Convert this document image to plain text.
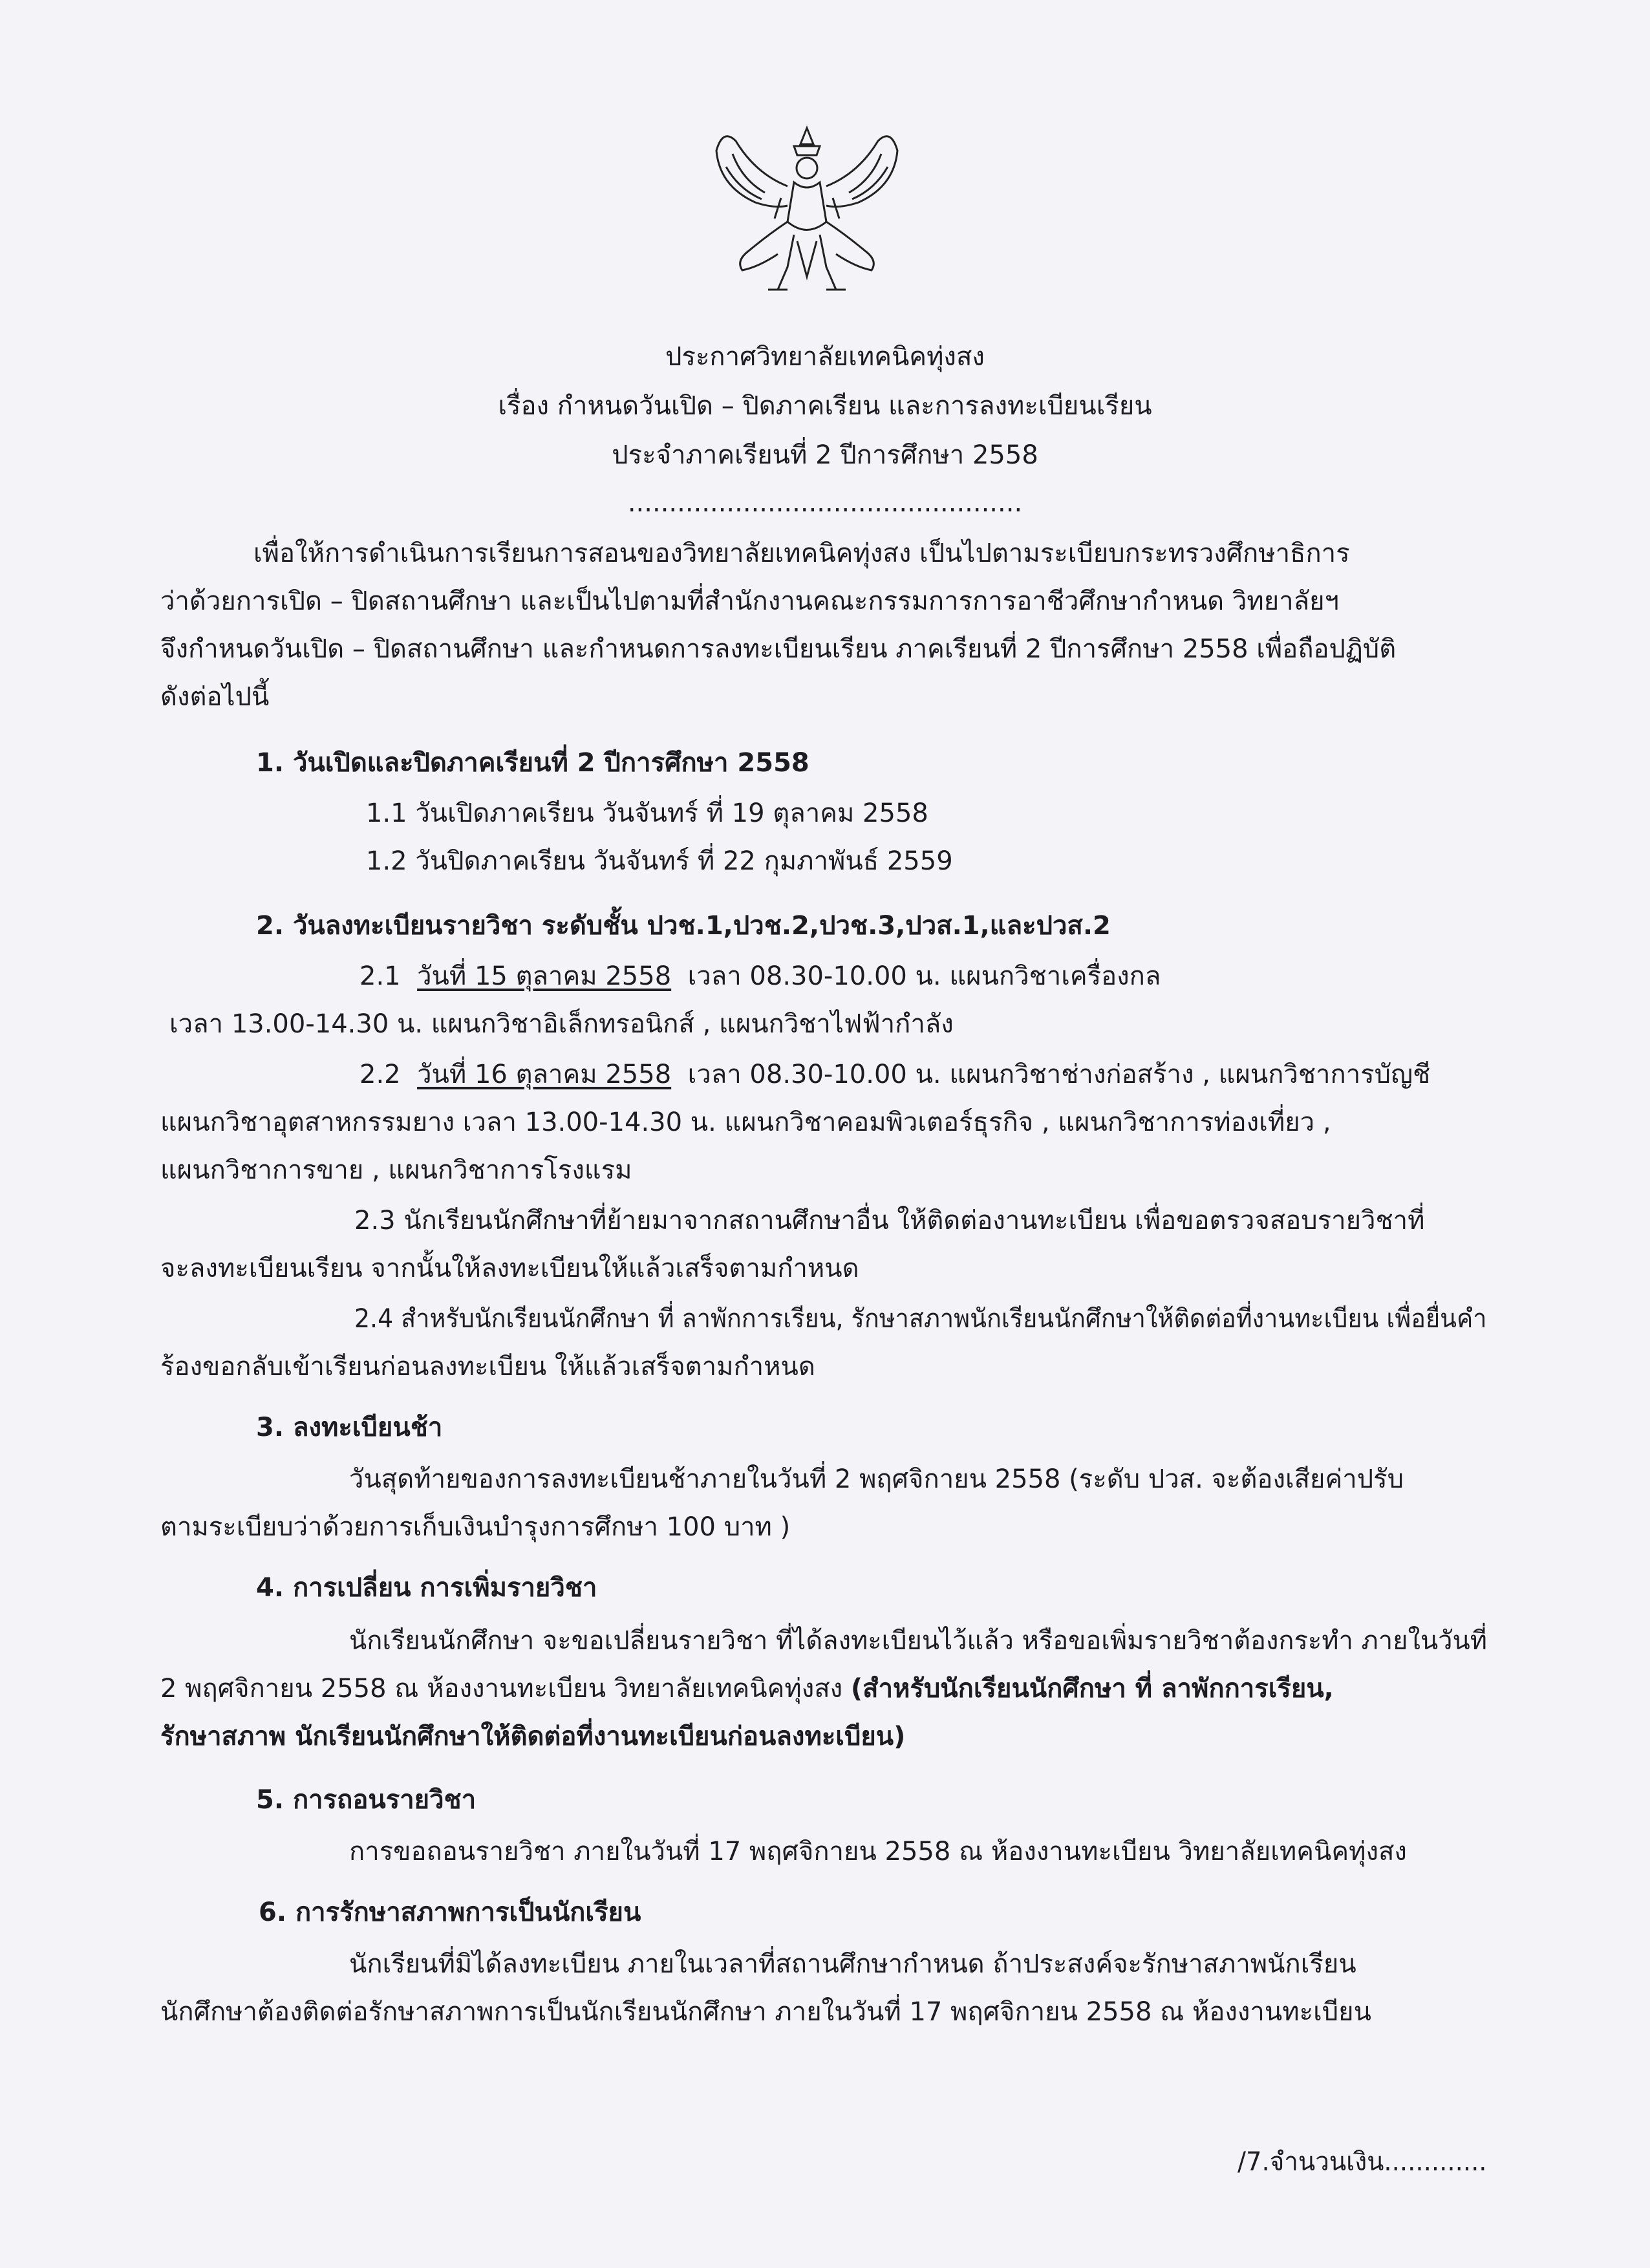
ประกาศวิทยาลัยเทคนิคทุ่งสง
เรื่อง กำหนดวันเปิด – ปิดภาคเรียน และการลงทะเบียนเรียน
ประจำภาคเรียนที่ 2 ปีการศึกษา 2558
................................................
เพื่อให้การดำเนินการเรียนการสอนของวิทยาลัยเทคนิคทุ่งสง เป็นไปตามระเบียบกระทรวงศึกษาธิการ
ว่าด้วยการเปิด – ปิดสถานศึกษา และเป็นไปตามที่สำนักงานคณะกรรมการการอาชีวศึกษากำหนด วิทยาลัยฯ
จึงกำหนดวันเปิด – ปิดสถานศึกษา และกำหนดการลงทะเบียนเรียน ภาคเรียนที่ 2 ปีการศึกษา 2558 เพื่อถือปฏิบัติ
ดังต่อไปนี้
1. วันเปิดและปิดภาคเรียนที่ 2 ปีการศึกษา 2558
1.1 วันเปิดภาคเรียน วันจันทร์ ที่ 19 ตุลาคม 2558
1.2 วันปิดภาคเรียน วันจันทร์ ที่ 22 กุมภาพันธ์ 2559
2. วันลงทะเบียนรายวิชา ระดับชั้น ปวช.1,ปวช.2,ปวช.3,ปวส.1,และปวส.2
2.1 วันที่ 15 ตุลาคม 2558 เวลา 08.30-10.00 น. แผนกวิชาเครื่องกล
เวลา 13.00-14.30 น. แผนกวิชาอิเล็กทรอนิกส์ , แผนกวิชาไฟฟ้ากำลัง
2.2 วันที่ 16 ตุลาคม 2558 เวลา 08.30-10.00 น. แผนกวิชาช่างก่อสร้าง , แผนกวิชาการบัญชี
แผนกวิชาอุตสาหกรรมยาง เวลา 13.00-14.30 น. แผนกวิชาคอมพิวเตอร์ธุรกิจ , แผนกวิชาการท่องเที่ยว ,
แผนกวิชาการขาย , แผนกวิชาการโรงแรม
2.3 นักเรียนนักศึกษาที่ย้ายมาจากสถานศึกษาอื่น ให้ติดต่องานทะเบียน เพื่อขอตรวจสอบรายวิชาที่
จะลงทะเบียนเรียน จากนั้นให้ลงทะเบียนให้แล้วเสร็จตามกำหนด
2.4 สำหรับนักเรียนนักศึกษา ที่ ลาพักการเรียน, รักษาสภาพนักเรียนนักศึกษาให้ติดต่อที่งานทะเบียน เพื่อยื่นคำ
ร้องขอกลับเข้าเรียนก่อนลงทะเบียน ให้แล้วเสร็จตามกำหนด
3. ลงทะเบียนช้า
วันสุดท้ายของการลงทะเบียนช้าภายในวันที่ 2 พฤศจิกายน 2558 (ระดับ ปวส. จะต้องเสียค่าปรับ
ตามระเบียบว่าด้วยการเก็บเงินบำรุงการศึกษา 100 บาท )
4. การเปลี่ยน การเพิ่มรายวิชา
นักเรียนนักศึกษา จะขอเปลี่ยนรายวิชา ที่ได้ลงทะเบียนไว้แล้ว หรือขอเพิ่มรายวิชาต้องกระทำ ภายในวันที่
2 พฤศจิกายน 2558 ณ ห้องงานทะเบียน วิทยาลัยเทคนิคทุ่งสง (สำหรับนักเรียนนักศึกษา ที่ ลาพักการเรียน,
รักษาสภาพ นักเรียนนักศึกษาให้ติดต่อที่งานทะเบียนก่อนลงทะเบียน)
5. การถอนรายวิชา
การขอถอนรายวิชา ภายในวันที่ 17 พฤศจิกายน 2558 ณ ห้องงานทะเบียน วิทยาลัยเทคนิคทุ่งสง
6. การรักษาสภาพการเป็นนักเรียน
นักเรียนที่มิได้ลงทะเบียน ภายในเวลาที่สถานศึกษากำหนด ถ้าประสงค์จะรักษาสภาพนักเรียน
นักศึกษาต้องติดต่อรักษาสภาพการเป็นนักเรียนนักศึกษา ภายในวันที่ 17 พฤศจิกายน 2558 ณ ห้องงานทะเบียน
/7.จำนวนเงิน.............
